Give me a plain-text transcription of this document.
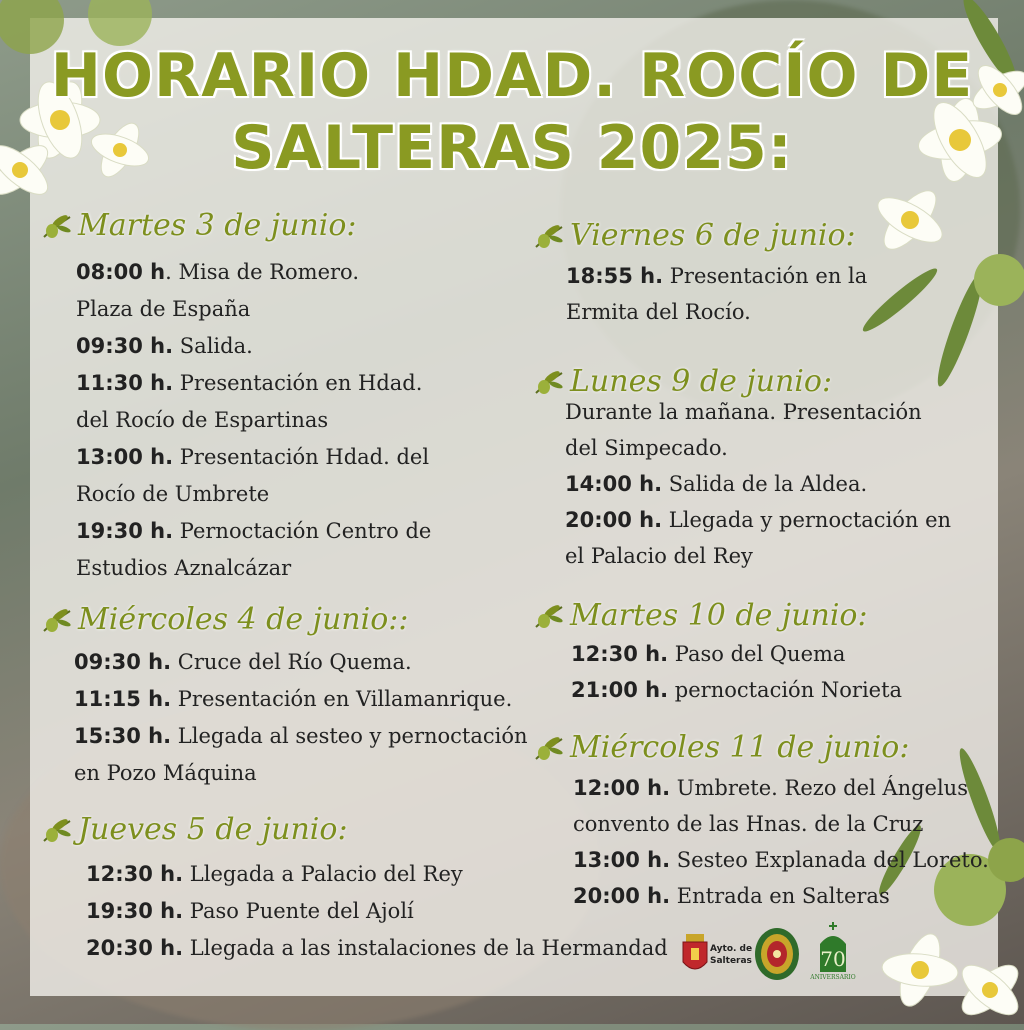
HORARIO HDAD. ROCÍO DE
SALTERAS 2025:
Martes 3 de junio:
08:00 h. Misa de Romero.
Plaza de España
09:30 h. Salida.
11:30 h. Presentación en Hdad.
del Rocío de Espartinas
13:00 h. Presentación Hdad. del
Rocío de Umbrete
19:30 h. Pernoctación Centro de
Estudios Aznalcázar
Miércoles 4 de junio::
09:30 h. Cruce del Río Quema.
11:15 h. Presentación en Villamanrique.
15:30 h. Llegada al sesteo y pernoctación
en Pozo Máquina
Jueves 5 de junio:
12:30 h. Llegada a Palacio del Rey
19:30 h. Paso Puente del Ajolí
20:30 h. Llegada a las instalaciones de la Hermandad
Viernes 6 de junio:
18:55 h. Presentación en la
Ermita del Rocío.
Lunes 9 de junio:
Durante la mañana. Presentación
del Simpecado.
14:00 h. Salida de la Aldea.
20:00 h. Llegada y pernoctación en
el Palacio del Rey
Martes 10 de junio:
12:30 h. Paso del Quema
21:00 h. pernoctación Norieta
Miércoles 11 de junio:
12:00 h. Umbrete. Rezo del Ángelus
convento de las Hnas. de la Cruz
13:00 h. Sesteo Explanada del Loreto.
20:00 h. Entrada en Salteras
Ayto. de
Salteras	70
ANIVERSARIO
